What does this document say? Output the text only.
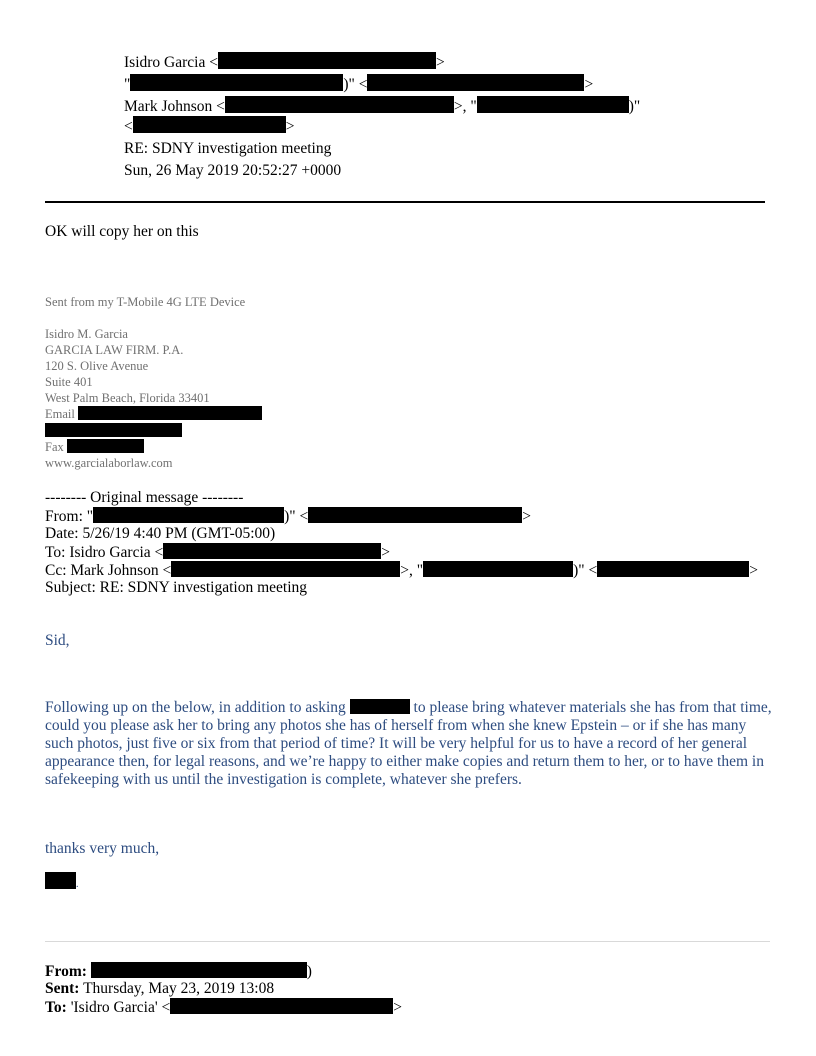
Isidro Garcia <	>
"	)" <	>
Mark Johnson <	>, "	)"
<	>
RE: SDNY investigation meeting
Sun, 26 May 2019 20:52:27 +0000
OK will copy her on this
Sent from my T-Mobile 4G LTE Device
Isidro M. Garcia
GARCIA LAW FIRM. P.A.
120 S. Olive Avenue
Suite 401
West Palm Beach, Florida 33401
Email
Fax
www.garcialaborlaw.com
-------- Original message --------
From: "	)" <	>
Date: 5/26/19 4:40 PM (GMT-05:00)
To: Isidro Garcia <	>
Cc: Mark Johnson <	>, "	)" <	>
Subject: RE: SDNY investigation meeting
Sid,
Following up on the below, in addition to asking	to please bring whatever materials she has from that time, could you please ask her to bring any photos she has of herself from when she knew Epstein – or if she has many such photos, just five or six from that period of time? It will be very helpful for us to have a record of her general appearance then, for legal reasons, and we’re happy to either make copies and return them to her, or to have them in safekeeping with us until the investigation is complete, whatever she prefers.
thanks very much,
.
From:	)
Sent: Thursday, May 23, 2019 13:08
To: 'Isidro Garcia' <	>
